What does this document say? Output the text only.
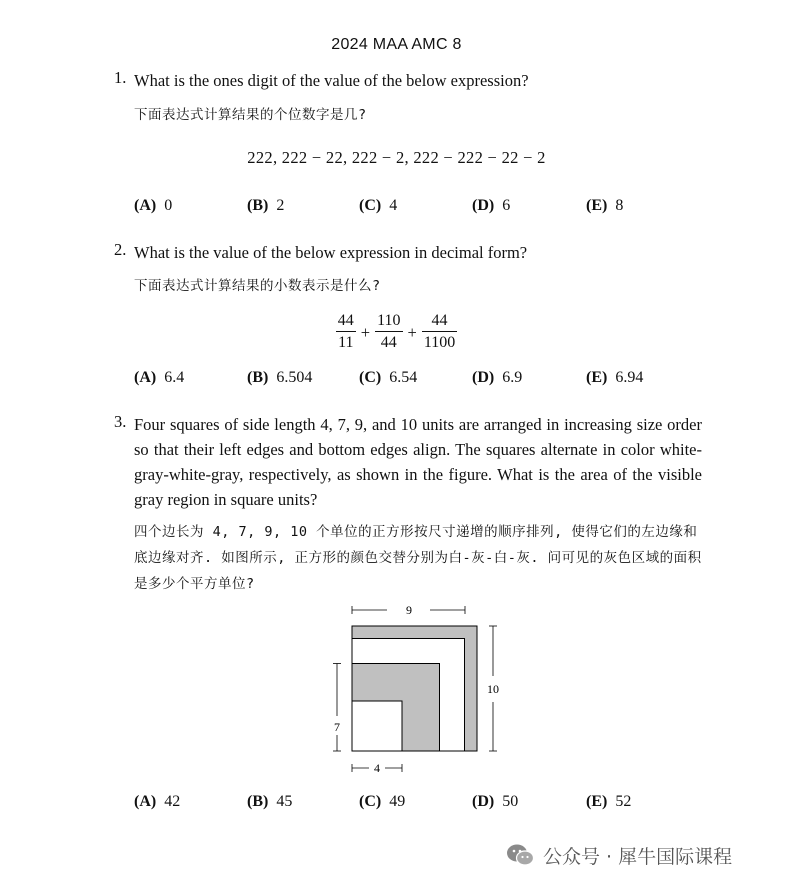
2024 MAA AMC 8
1. What is the ones digit of the value of the below expression?
下面表达式计算结果的个位数字是几?
222, 222 − 22, 222 − 2, 222 − 222 − 22 − 2
(A) 0	(B) 2	(C) 4	(D) 6	(E) 8
2. What is the value of the below expression in decimal form?
下面表达式计算结果的小数表示是什么?
$\frac{44}{11} + \frac{110}{44} + \frac{44}{1100}$
(A) 6.4	(B) 6.504	(C) 6.54	(D) 6.9	(E) 6.94
3. Four squares of side length 4, 7, 9, and 10 units are arranged in increasing size order so that their left edges and bottom edges align. The squares alternate in color white-gray-white-gray, respectively, as shown in the figure. What is the area of the visible gray region in square units?
四个边长为 4, 7, 9, 10 个单位的正方形按尺寸递增的顺序排列, 使得它们的左边缘和底边缘对齐. 如图所示, 正方形的颜色交替分别为白-灰-白-灰. 问可见的灰色区域的面积是多少个平方单位?
9
10
7
4
(A) 42	(B) 45	(C) 49	(D) 50	(E) 52
公众号 · 犀牛国际课程
